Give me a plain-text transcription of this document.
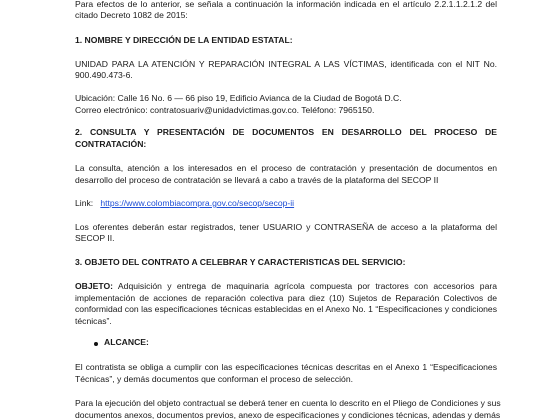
Para efectos de lo anterior, se señala a continuación la información indicada en el artículo 2.2.1.1.2.1.2 del
citado Decreto 1082 de 2015:
1. NOMBRE Y DIRECCIÓN DE LA ENTIDAD ESTATAL:
UNIDAD PARA LA ATENCIÓN Y REPARACIÓN INTEGRAL A LAS VÍCTIMAS, identificada con el NIT No.
900.490.473-6.
Ubicación: Calle 16 No. 6 — 66 piso 19, Edificio Avianca de la Ciudad de Bogotá D.C.
Correo electrónico: contratosuariv@unidadvictimas.gov.co. Teléfono: 7965150.
2. CONSULTA Y PRESENTACIÓN DE DOCUMENTOS EN DESARROLLO DEL PROCESO DE
CONTRATACIÓN:
La consulta, atención a los interesados en el proceso de contratación y presentación de documentos en
desarrollo del proceso de contratación se llevará a cabo a través de la plataforma del SECOP II
Link: https://www.colombiacompra.gov.co/secop/secop-ii
Los oferentes deberán estar registrados, tener USUARIO y CONTRASEÑA de acceso a la plataforma del
SECOP II.
3. OBJETO DEL CONTRATO A CELEBRAR Y CARACTERISTICAS DEL SERVICIO:
OBJETO: Adquisición y entrega de maquinaria agrícola compuesta por tractores con accesorios para
implementación de acciones de reparación colectiva para diez (10) Sujetos de Reparación Colectivos de
conformidad con las especificaciones técnicas establecidas en el Anexo No. 1 “Especificaciones y condiciones
técnicas”.
ALCANCE:
El contratista se obliga a cumplir con las especificaciones técnicas descritas en el Anexo 1 “Especificaciones
Técnicas”, y demás documentos que conforman el proceso de selección.
Para la ejecución del objeto contractual se deberá tener en cuenta lo descrito en el Pliego de Condiciones y sus
documentos anexos, documentos previos, anexo de especificaciones y condiciones técnicas, adendas y demás
